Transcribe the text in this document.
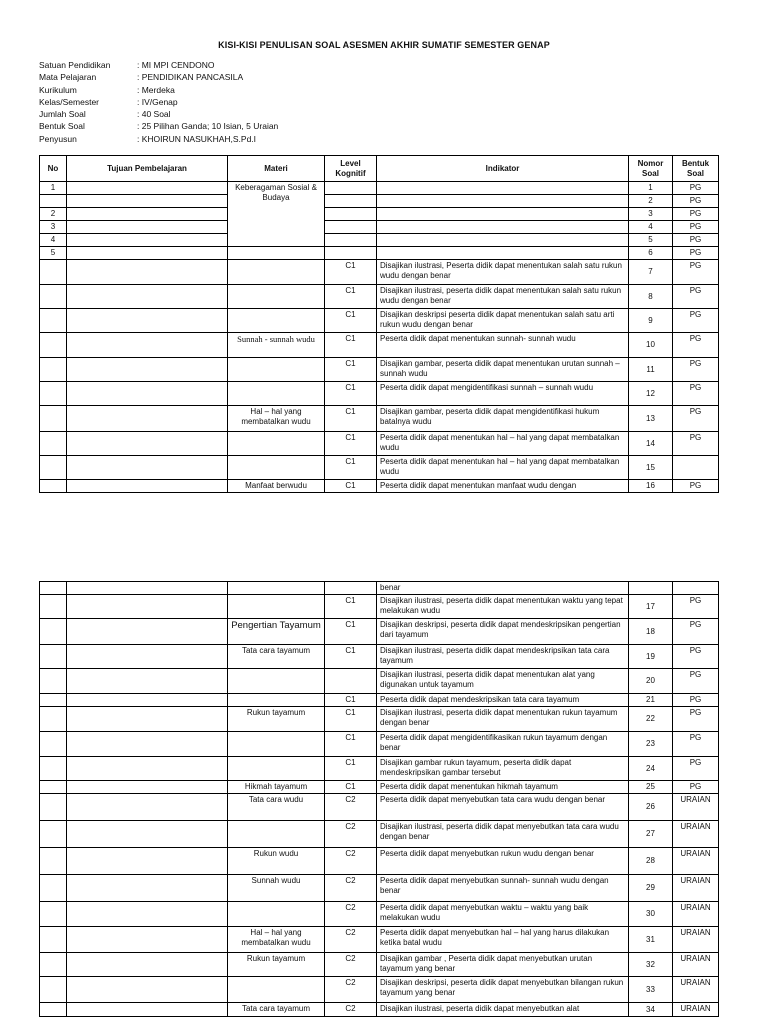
KISI-KISI PENULISAN SOAL ASESMEN AKHIR SUMATIF SEMESTER GENAP
Satuan Pendidikan	: MI MPI CENDONO
Mata Pelajaran	: PENDIDIKAN PANCASILA
Kurikulum	: Merdeka
Kelas/Semester	: IV/Genap
Jumlah Soal	: 40 Soal
Bentuk Soal	: 25 Pilihan Ganda; 10 Isian, 5 Uraian
Penyusun	: KHOIRUN NASUKHAH,S.Pd.I
No	Tujuan Pembelajaran	Materi	Level Kognitif	Indikator	Nomor Soal	Bentuk Soal
1		Keberagaman Sosial & Budaya			1	PG
					2	PG
2					3	PG
3					4	PG
4					5	PG
5					6	PG
			C1	Disajikan ilustrasi, Peserta didik dapat menentukan salah satu rukun wudu dengan benar	7	PG
			C1	Disajikan ilustrasi, peserta didik dapat menentukan salah satu rukun wudu dengan benar	8	PG
			C1	Disajikan deskripsi peserta didik dapat menentukan salah satu arti rukun wudu dengan benar	9	PG
		Sunnah - sunnah wudu	C1	Peserta didik dapat menentukan sunnah- sunnah wudu	10	PG
			C1	Disajikan gambar, peserta didik dapat menentukan urutan sunnah – sunnah wudu	11	PG
			C1	Peserta didik dapat mengidentifikasi sunnah – sunnah wudu	12	PG
		Hal – hal yang membatalkan wudu	C1	Disajikan gambar, peserta didik dapat mengidentifikasi hukum batalnya wudu	13	PG
			C1	Peserta didik dapat menentukan hal – hal yang dapat membatalkan wudu	14	PG
			C1	Peserta didik dapat menentukan hal – hal yang dapat membatalkan wudu	15	
		Manfaat berwudu	C1	Peserta didik dapat menentukan manfaat wudu dengan	16	PG
				benar		
			C1	Disajikan ilustrasi, peserta didik dapat menentukan waktu yang tepat melakukan wudu	17	PG
		Pengertian Tayamum	C1	Disajikan deskripsi, peserta didik dapat mendeskripsikan pengertian dari tayamum	18	PG
		Tata cara tayamum	C1	Disajikan ilustrasi, peserta didik dapat mendeskripsikan tata cara tayamum	19	PG
				Disajikan ilustrasi, peserta didik dapat menentukan alat yang digunakan untuk tayamum	20	PG
			C1	Peserta didik dapat mendeskripsikan tata cara tayamum	21	PG
		Rukun tayamum	C1	Disajikan ilustrasi, peserta didik dapat menentukan rukun tayamum dengan benar	22	PG
			C1	Peserta didik dapat mengidentifikasikan rukun tayamum dengan benar	23	PG
			C1	Disajikan gambar rukun tayamum, peserta didik dapat mendeskripsikan gambar tersebut	24	PG
		Hikmah tayamum	C1	Peserta didik dapat menentukan hikmah tayamum	25	PG
		Tata cara wudu	C2	Peserta didik dapat menyebutkan tata cara wudu dengan benar	26	URAIAN
			C2	Disajikan ilustrasi, peserta didik dapat menyebutkan tata cara wudu dengan benar	27	URAIAN
		Rukun wudu	C2	Peserta didik dapat menyebutkan rukun wudu dengan benar	28	URAIAN
		Sunnah wudu	C2	Peserta didik dapat menyebutkan sunnah- sunnah wudu dengan benar	29	URAIAN
			C2	Peserta didik dapat menyebutkan waktu – waktu yang baik melakukan wudu	30	URAIAN
		Hal – hal yang membatalkan wudu	C2	Peserta didik dapat menyebutkan hal – hal yang harus dilakukan ketika batal wudu	31	URAIAN
		Rukun tayamum	C2	Disajikan gambar , Peserta didik dapat menyebutkan urutan tayamum yang benar	32	URAIAN
			C2	Disajikan deskripsi, peserta didik dapat menyebutkan bilangan rukun tayamum yang benar	33	URAIAN
		Tata cara tayamum	C2	Disajikan ilustrasi, peserta didik dapat menyebutkan alat	34	URAIAN
